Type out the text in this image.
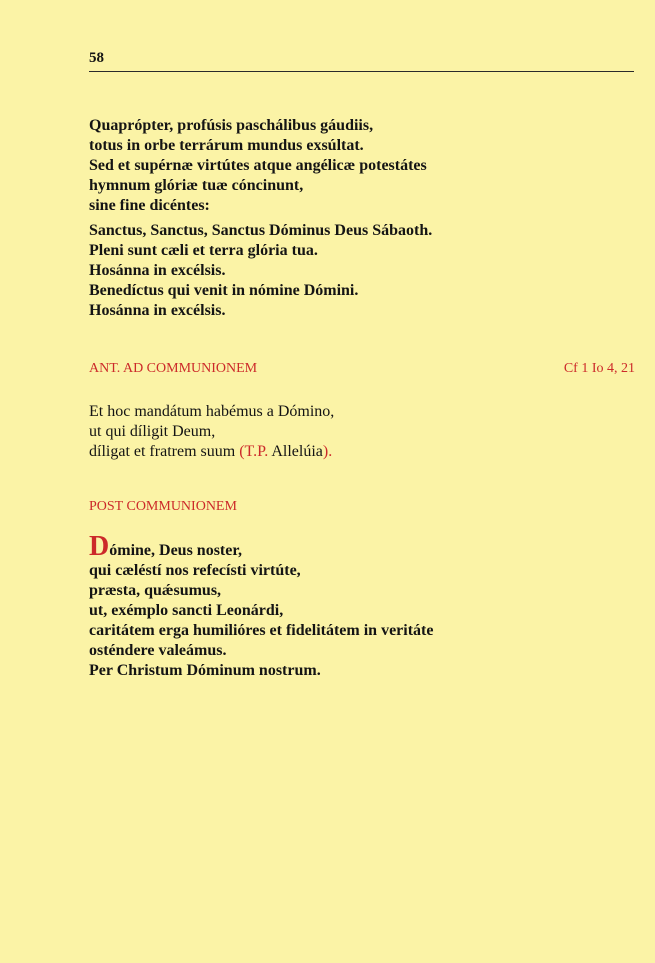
58
Quaprópter, profúsis paschálibus gáudiis,
totus in orbe terrárum mundus exsúltat.
Sed et supérnæ virtútes atque angélicæ potestátes
hymnum glóriæ tuæ cóncinunt,
sine fine dicéntes:
Sanctus, Sanctus, Sanctus Dóminus Deus Sábaoth.
Pleni sunt cæli et terra glória tua.
Hosánna in excélsis.
Benedíctus qui venit in nómine Dómini.
Hosánna in excélsis.
ANT. AD COMMUNIONEM	Cf 1 Io 4, 21
Et hoc mandátum habémus a Dómino,
ut qui díligit Deum,
díligat et fratrem suum (T.P. Allelúia).
POST COMMUNIONEM
Dómine, Deus noster,
qui cæléstí nos refecísti virtúte,
præsta, quǽsumus,
ut, exémplo sancti Leonárdi,
caritátem erga humilióres et fidelitátem in veritáte
osténdere valeámus.
Per Christum Dóminum nostrum.
